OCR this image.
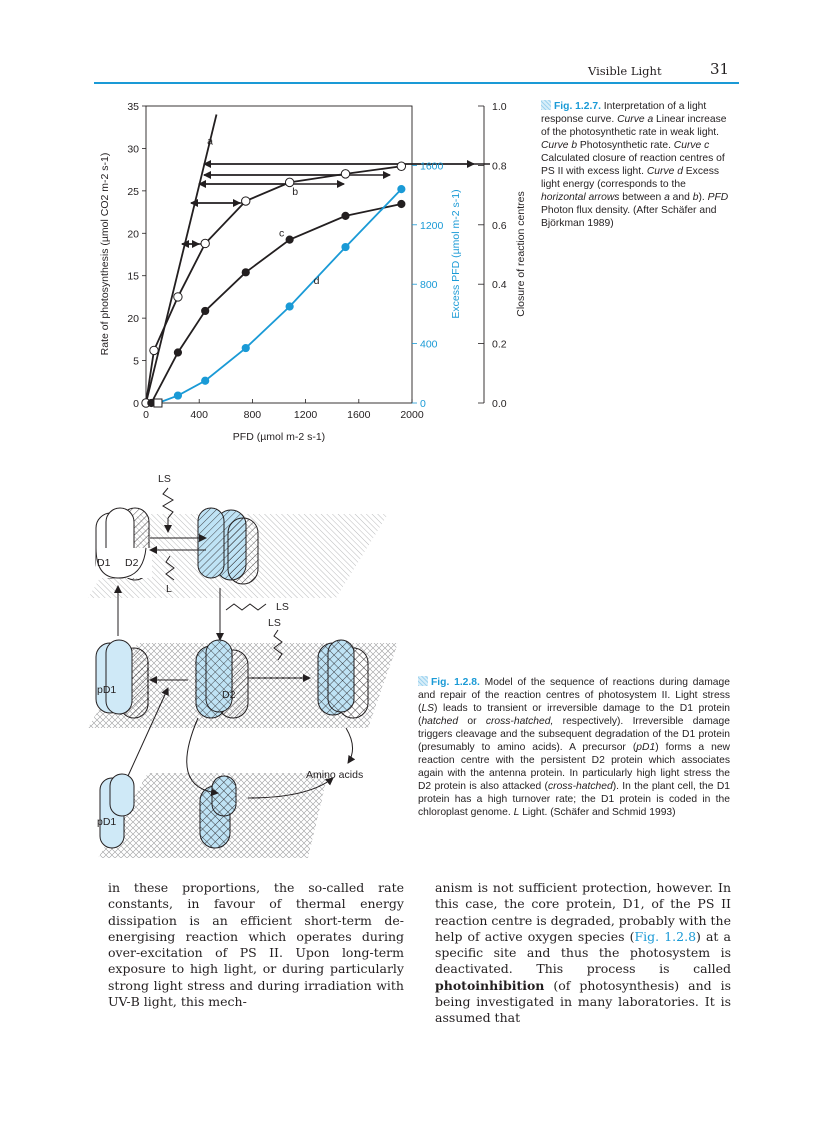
Visible Light	31
0	400	800	1200	1600	2000
0
5
20
15
20
25
30
35
0
400
800
1200
1600
0.0
0.2
0.4
0.6
0.8
1.0
PFD (µmol m-2 s-1)
Rate of photosynthesis (µmol CO2 m-2 s-1)	Excess PFD (µmol m-2 s-1)	Closure of reaction centres
a
b
c
d
Fig. 1.2.7. Interpretation of a light response curve. Curve a Linear increase of the photosynthetic rate in weak light. Curve b Photosynthetic rate. Curve c Calculated closure of reaction centres of PS II with excess light. Curve d Excess light energy (corresponds to the horizontal arrows between a and b). PFD Photon flux density. (After Schäfer and Björkman 1989)
D1 D2
LS
L
LS
LS
pD1	D2
pD1
Amino acids
Fig. 1.2.8. Model of the sequence of reactions during damage and repair of the reaction centres of photosystem II. Light stress (LS) leads to transient or irreversible damage to the D1 protein (hatched or cross-hatched, respectively). Irreversible damage triggers cleavage and the subsequent degradation of the D1 protein (presumably to amino acids). A precursor (pD1) forms a new reaction centre with the persistent D2 protein which associates again with the antenna protein. In particularly high light stress the D2 protein is also attacked (cross-hatched). In the plant cell, the D1 protein has a high turnover rate; the D1 protein is coded in the chloroplast genome. L Light. (Schäfer and Schmid 1993)
in these proportions, the so-called rate constants, in favour of thermal energy dissipation is an efficient short-term de-energising reaction which operates during over-excitation of PS II. Upon long-term exposure to high light, or during particularly strong light stress and during irradiation with UV-B light, this mech-
anism is not sufficient protection, however. In this case, the core protein, D1, of the PS II reaction centre is degraded, probably with the help of active oxygen species (Fig. 1.2.8) at a specific site and thus the photosystem is deactivated. This process is called photoinhibition (of photosynthesis) and is being investigated in many laboratories. It is assumed that
